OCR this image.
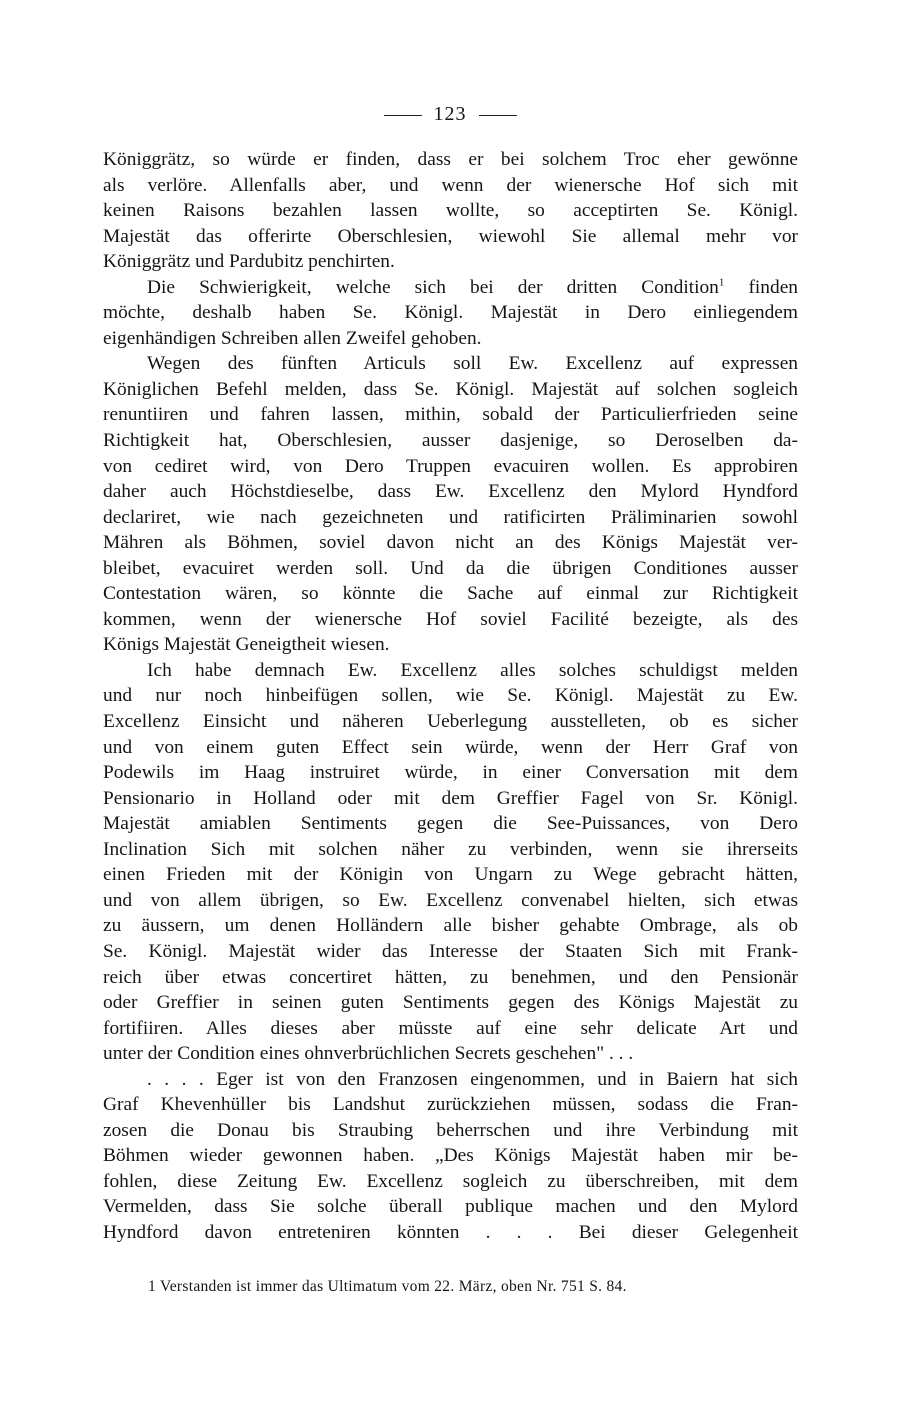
123
Königgrätz, so würde er finden, dass er bei solchem Troc eher gewönne
als verlöre. Allenfalls aber, und wenn der wienersche Hof sich mit
keinen Raisons bezahlen lassen wollte, so acceptirten Se. Königl.
Majestät das offerirte Oberschlesien, wiewohl Sie allemal mehr vor
Königgrätz und Pardubitz penchirten.
Die Schwierigkeit, welche sich bei der dritten Condition$^1$ finden
möchte, deshalb haben Se. Königl. Majestät in Dero einliegendem
eigenhändigen Schreiben allen Zweifel gehoben.
Wegen des fünften Articuls soll Ew. Excellenz auf expressen
Königlichen Befehl melden, dass Se. Königl. Majestät auf solchen sogleich
renuntiiren und fahren lassen, mithin, sobald der Particulierfrieden seine
Richtigkeit hat, Oberschlesien, ausser dasjenige, so Deroselben da-
von cediret wird, von Dero Truppen evacuiren wollen. Es approbiren
daher auch Höchstdieselbe, dass Ew. Excellenz den Mylord Hyndford
declariret, wie nach gezeichneten und ratificirten Präliminarien sowohl
Mähren als Böhmen, soviel davon nicht an des Königs Majestät ver-
bleibet, evacuiret werden soll. Und da die übrigen Conditiones ausser
Contestation wären, so könnte die Sache auf einmal zur Richtigkeit
kommen, wenn der wienersche Hof soviel Facilité bezeigte, als des
Königs Majestät Geneigtheit wiesen.
Ich habe demnach Ew. Excellenz alles solches schuldigst melden
und nur noch hinbeifügen sollen, wie Se. Königl. Majestät zu Ew.
Excellenz Einsicht und näheren Ueberlegung ausstelleten, ob es sicher
und von einem guten Effect sein würde, wenn der Herr Graf von
Podewils im Haag instruiret würde, in einer Conversation mit dem
Pensionario in Holland oder mit dem Greffier Fagel von Sr. Königl.
Majestät amiablen Sentiments gegen die See-Puissances, von Dero
Inclination Sich mit solchen näher zu verbinden, wenn sie ihrerseits
einen Frieden mit der Königin von Ungarn zu Wege gebracht hätten,
und von allem übrigen, so Ew. Excellenz convenabel hielten, sich etwas
zu äussern, um denen Holländern alle bisher gehabte Ombrage, als ob
Se. Königl. Majestät wider das Interesse der Staaten Sich mit Frank-
reich über etwas concertiret hätten, zu benehmen, und den Pensionär
oder Greffier in seinen guten Sentiments gegen des Königs Majestät zu
fortifiiren. Alles dieses aber müsste auf eine sehr delicate Art und
unter der Condition eines ohnverbrüchlichen Secrets geschehen" . . .
. . . . Eger ist von den Franzosen eingenommen, und in Baiern hat sich
Graf Khevenhüller bis Landshut zurückziehen müssen, sodass die Fran-
zosen die Donau bis Straubing beherrschen und ihre Verbindung mit
Böhmen wieder gewonnen haben. „Des Königs Majestät haben mir be-
fohlen, diese Zeitung Ew. Excellenz sogleich zu überschreiben, mit dem
Vermelden, dass Sie solche überall publique machen und den Mylord
Hyndford davon entreteniren könnten . . . Bei dieser Gelegenheit
1 Verstanden ist immer das Ultimatum vom 22. März, oben Nr. 751 S. 84.
